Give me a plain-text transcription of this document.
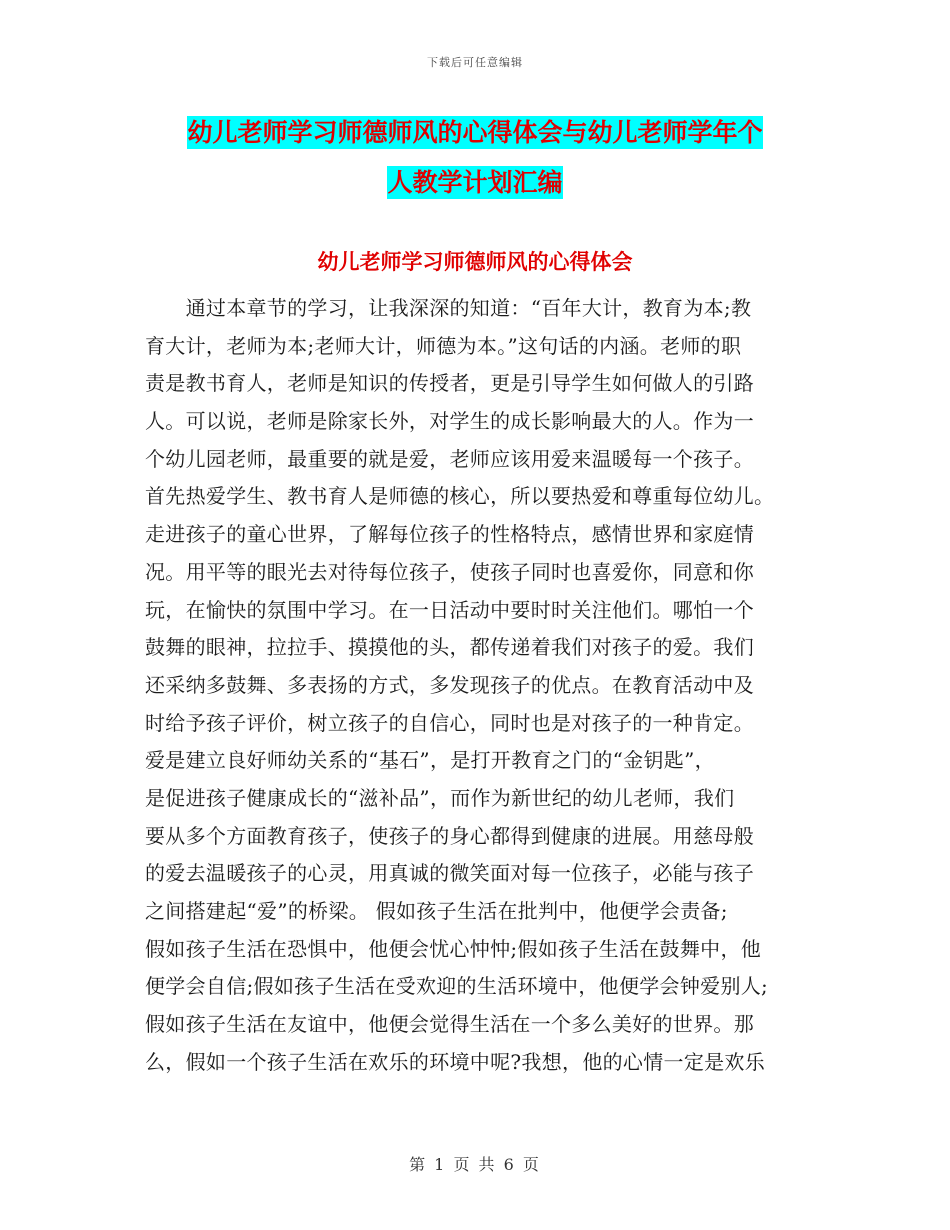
下载后可任意编辑
幼儿老师学习师德师风的心得体会与幼儿老师学年个
人教学计划汇编
幼儿老师学习师德师风的心得体会
　　通过本章节的学习，让我深深的知道：“百年大计，教育为本;教
育大计，老师为本;老师大计，师德为本。”这句话的内涵。老师的职
责是教书育人，老师是知识的传授者，更是引导学生如何做人的引路
人。可以说，老师是除家长外，对学生的成长影响最大的人。作为一
个幼儿园老师，最重要的就是爱，老师应该用爱来温暖每一个孩子。
首先热爱学生、教书育人是师德的核心，所以要热爱和尊重每位幼儿。
走进孩子的童心世界，了解每位孩子的性格特点，感情世界和家庭情
况。用平等的眼光去对待每位孩子，使孩子同时也喜爱你，同意和你
玩，在愉快的氛围中学习。在一日活动中要时时关注他们。哪怕一个
鼓舞的眼神，拉拉手、摸摸他的头，都传递着我们对孩子的爱。我们
还采纳多鼓舞、多表扬的方式，多发现孩子的优点。在教育活动中及
时给予孩子评价，树立孩子的自信心，同时也是对孩子的一种肯定。
爱是建立良好师幼关系的“基石”，是打开教育之门的“金钥匙”，
是促进孩子健康成长的“滋补品”，而作为新世纪的幼儿老师，我们
要从多个方面教育孩子，使孩子的身心都得到健康的进展。用慈母般
的爱去温暖孩子的心灵，用真诚的微笑面对每一位孩子，必能与孩子
之间搭建起“爱”的桥梁。 假如孩子生活在批判中，他便学会责备;
假如孩子生活在恐惧中，他便会忧心忡忡;假如孩子生活在鼓舞中，他
便学会自信;假如孩子生活在受欢迎的生活环境中，他便学会钟爱别人;
假如孩子生活在友谊中，他便会觉得生活在一个多么美好的世界。那
么，假如一个孩子生活在欢乐的环境中呢?我想，他的心情一定是欢乐
第 1 页 共 6 页
